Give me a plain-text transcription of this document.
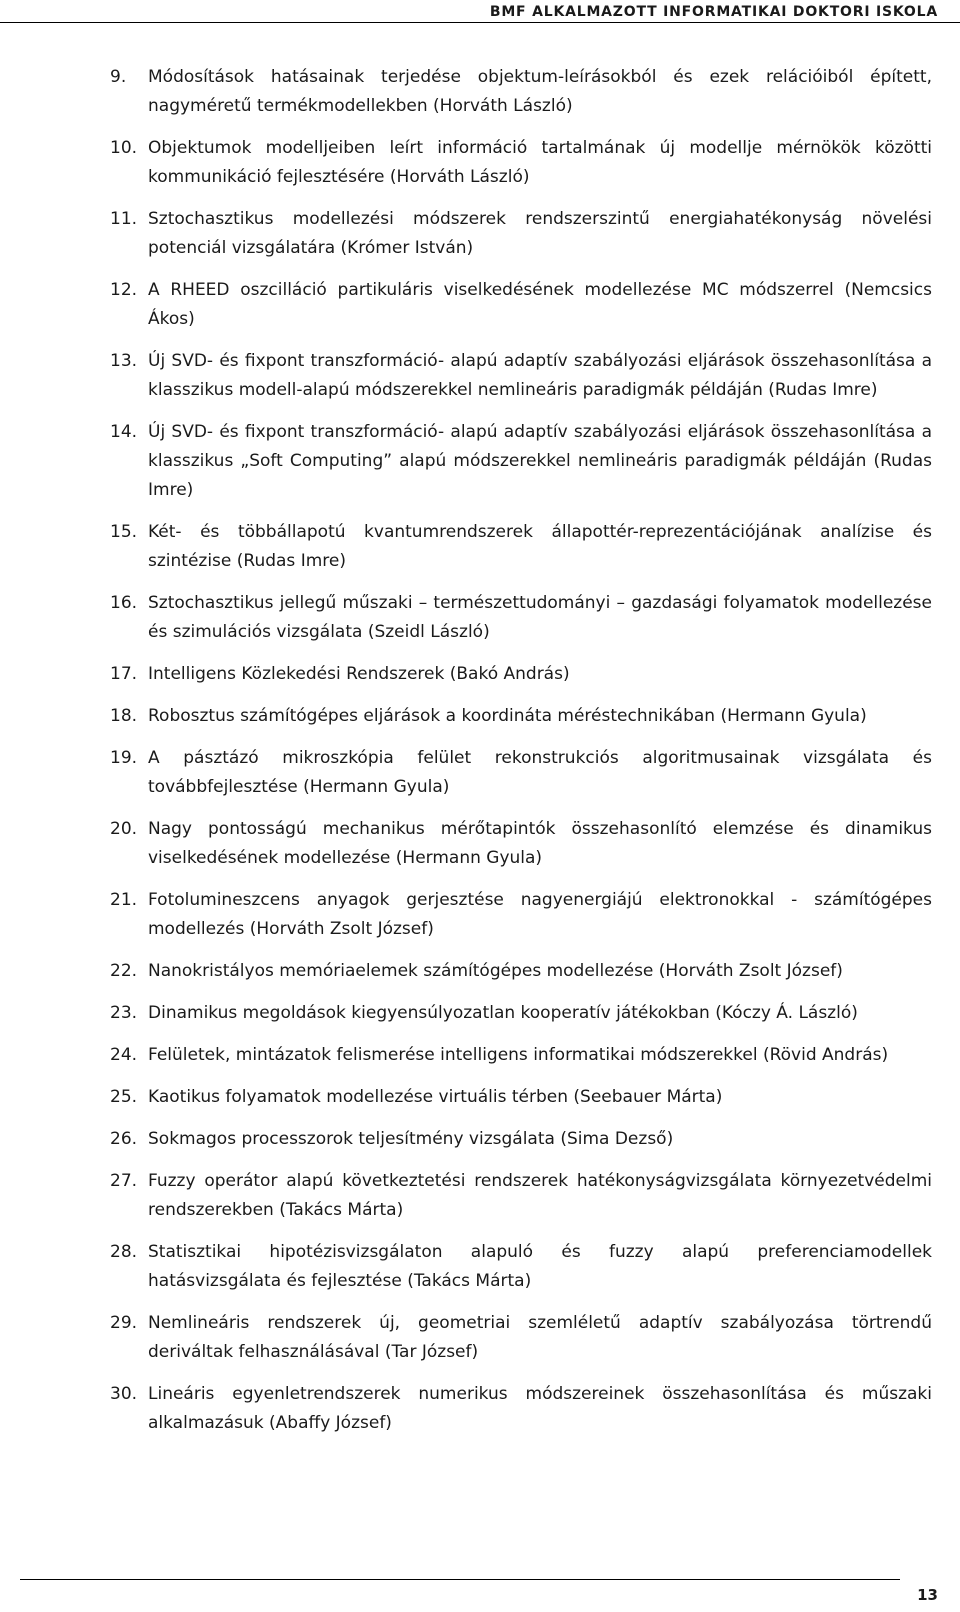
BMF ALKALMAZOTT INFORMATIKAI DOKTORI ISKOLA
9.	Módosítások hatásainak terjedése objektum-leírásokból és ezek relációiból épített, nagyméretű termékmodellekben (Horváth László)
10. Objektumok modelljeiben leírt információ tartalmának új modellje mérnökök közötti kommunikáció fejlesztésére (Horváth László)
11. Sztochasztikus modellezési módszerek rendszerszintű energiahatékonyság növelési potenciál vizsgálatára (Krómer István)
12. A RHEED oszcilláció partikuláris viselkedésének modellezése MC módszerrel (Nemcsics Ákos)
13. Új SVD- és fixpont transzformáció- alapú adaptív szabályozási eljárások összehasonlítása a klasszikus modell-alapú módszerekkel nemlineáris paradigmák példáján (Rudas Imre)
14. Új SVD- és fixpont transzformáció- alapú adaptív szabályozási eljárások összehasonlítása a klasszikus „Soft Computing” alapú módszerekkel nemlineáris paradigmák példáján (Rudas Imre)
15. Két- és többállapotú kvantumrendszerek állapottér-reprezentációjának analízise és szintézise (Rudas Imre)
16. Sztochasztikus jellegű műszaki – természettudományi – gazdasági folyamatok modellezése és szimulációs vizsgálata (Szeidl László)
17. Intelligens Közlekedési Rendszerek (Bakó András)
18. Robosztus számítógépes eljárások a koordináta méréstechnikában (Hermann Gyula)
19. A pásztázó mikroszkópia felület rekonstrukciós algoritmusainak vizsgálata és továbbfejlesztése (Hermann Gyula)
20. Nagy pontosságú mechanikus mérőtapintók összehasonlító elemzése és dinamikus viselkedésének modellezése (Hermann Gyula)
21. Fotolumineszcens anyagok gerjesztése nagyenergiájú elektronokkal - számítógépes modellezés (Horváth Zsolt József)
22. Nanokristályos memóriaelemek számítógépes modellezése (Horváth Zsolt József)
23. Dinamikus megoldások kiegyensúlyozatlan kooperatív játékokban (Kóczy Á. László)
24. Felületek, mintázatok felismerése intelligens informatikai módszerekkel (Rövid András)
25. Kaotikus folyamatok modellezése virtuális térben (Seebauer Márta)
26. Sokmagos processzorok teljesítmény vizsgálata (Sima Dezső)
27. Fuzzy operátor alapú következtetési rendszerek hatékonyságvizsgálata környezetvédelmi rendszerekben (Takács Márta)
28. Statisztikai hipotézisvizsgálaton alapuló és fuzzy alapú preferenciamodellek hatásvizsgálata és fejlesztése (Takács Márta)
29. Nemlineáris rendszerek új, geometriai szemléletű adaptív szabályozása törtrendű deriváltak felhasználásával (Tar József)
30. Lineáris egyenletrendszerek numerikus módszereinek összehasonlítása és műszaki alkalmazásuk (Abaffy József)
13
